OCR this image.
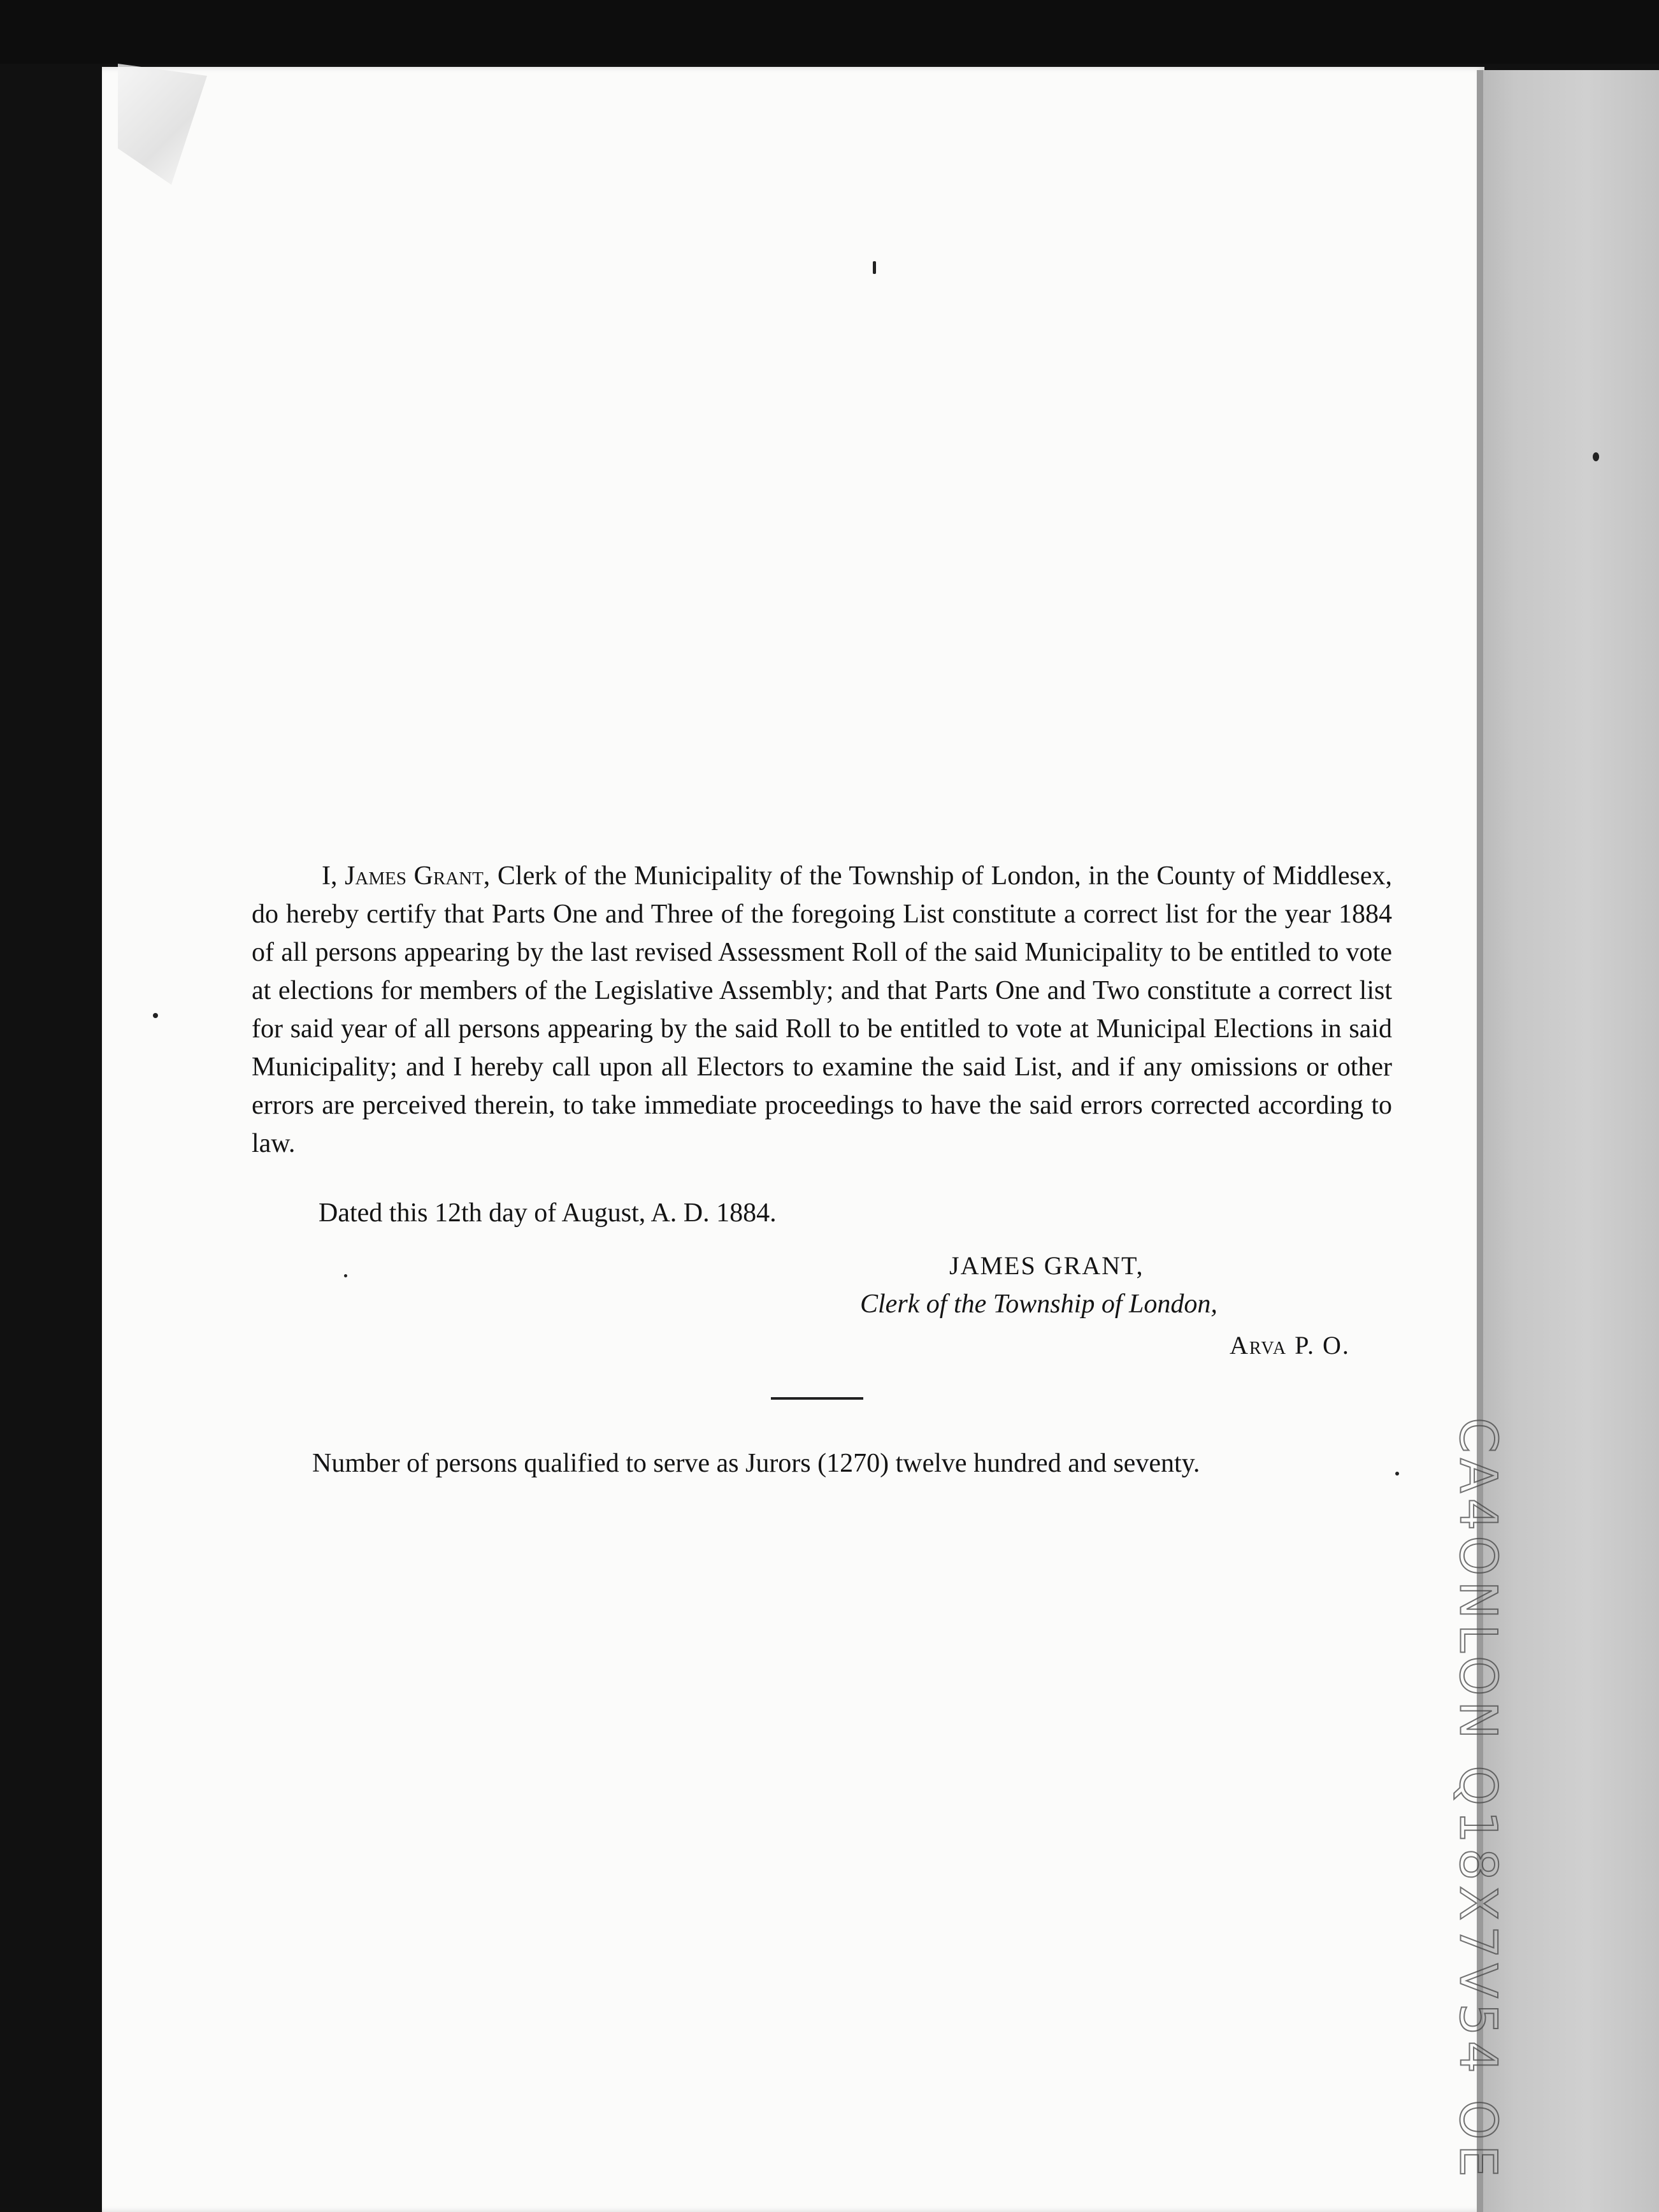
I, James Grant, Clerk of the Municipality of the Township of London, in the County of Middlesex, do hereby certify that Parts One and Three of the foregoing List constitute a correct list for the year 1884 of all persons appearing by the last revised Assessment Roll of the said Municipality to be entitled to vote at elections for members of the Legislative Assembly; and that Parts One and Two constitute a correct list for said year of all persons appearing by the said Roll to be entitled to vote at Municipal Elections in said Municipality; and I hereby call upon all Electors to examine the said List, and if any omissions or other errors are perceived therein, to take immediate proceedings to have the said errors corrected according to law.

Dated this 12th day of August, A. D. 1884.
JAMES GRANT,
Clerk of the Township of London,
Arva P. O.
Number of persons qualified to serve as Jurors (1270) twelve hundred and seventy.	CA4ONLON Q18X7V54 OE
